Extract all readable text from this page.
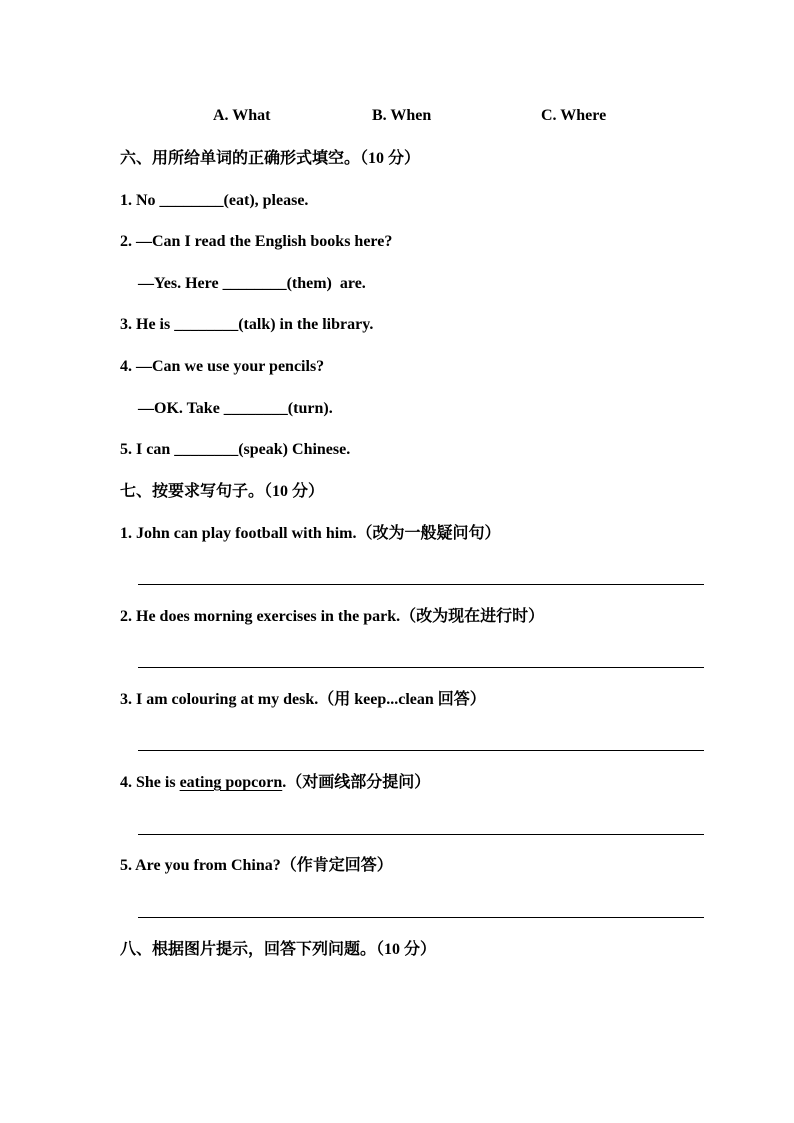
A. What	B. When	C. Where
六、用所给单词的正确形式填空。（10 分）
1. No ________(eat), please.
2. —Can I read the English books here?
—Yes. Here ________(them)  are.
3. He is ________(talk) in the library.
4. —Can we use your pencils?
—OK. Take ________(turn).
5. I can ________(speak) Chinese.
七、按要求写句子。（10 分）
1. John can play football with him.（改为一般疑问句）
2. He does morning exercises in the park.（改为现在进行时）
3. I am colouring at my desk.（用 keep...clean 回答）
4. She is eating popcorn.（对画线部分提问）
5. Are you from China?（作肯定回答）
八、根据图片提示，回答下列问题。（10 分）
